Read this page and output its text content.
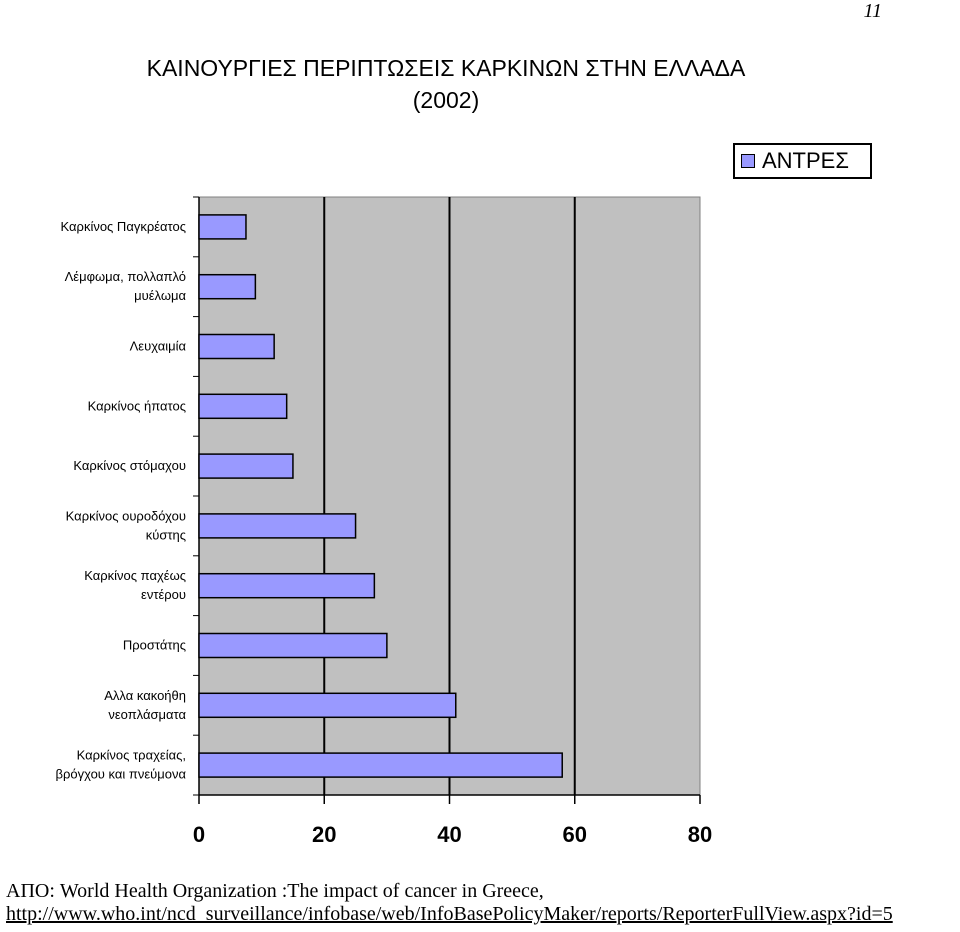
11
ΚΑΙΝΟΥΡΓΙΕΣ ΠΕΡΙΠΤΩΣΕΙΣ ΚΑΡΚΙΝΩΝ ΣΤΗΝ ΕΛΛΑΔΑ
(2002)
ΑΝΤΡΕΣ
Καρκίνος Παγκρέατος
Λέμφωμα, πολλαπλό
μυέλωμα
Λευχαιμία
Καρκίνος ήπατος
Καρκίνος στόμαχου
Καρκίνος ουροδόχου
κύστης
Καρκίνος παχέως
εντέρου
Προστάτης
Αλλα κακοήθη
νεοπλάσματα
Καρκίνος τραχείας,
βρόγχου και πνεύμονα
0	20	40	60	80
ΑΠΟ: World Health Organization :The impact of cancer in Greece,
http://www.who.int/ncd_surveillance/infobase/web/InfoBasePolicyMaker/reports/ReporterFullView.aspx?id=5
